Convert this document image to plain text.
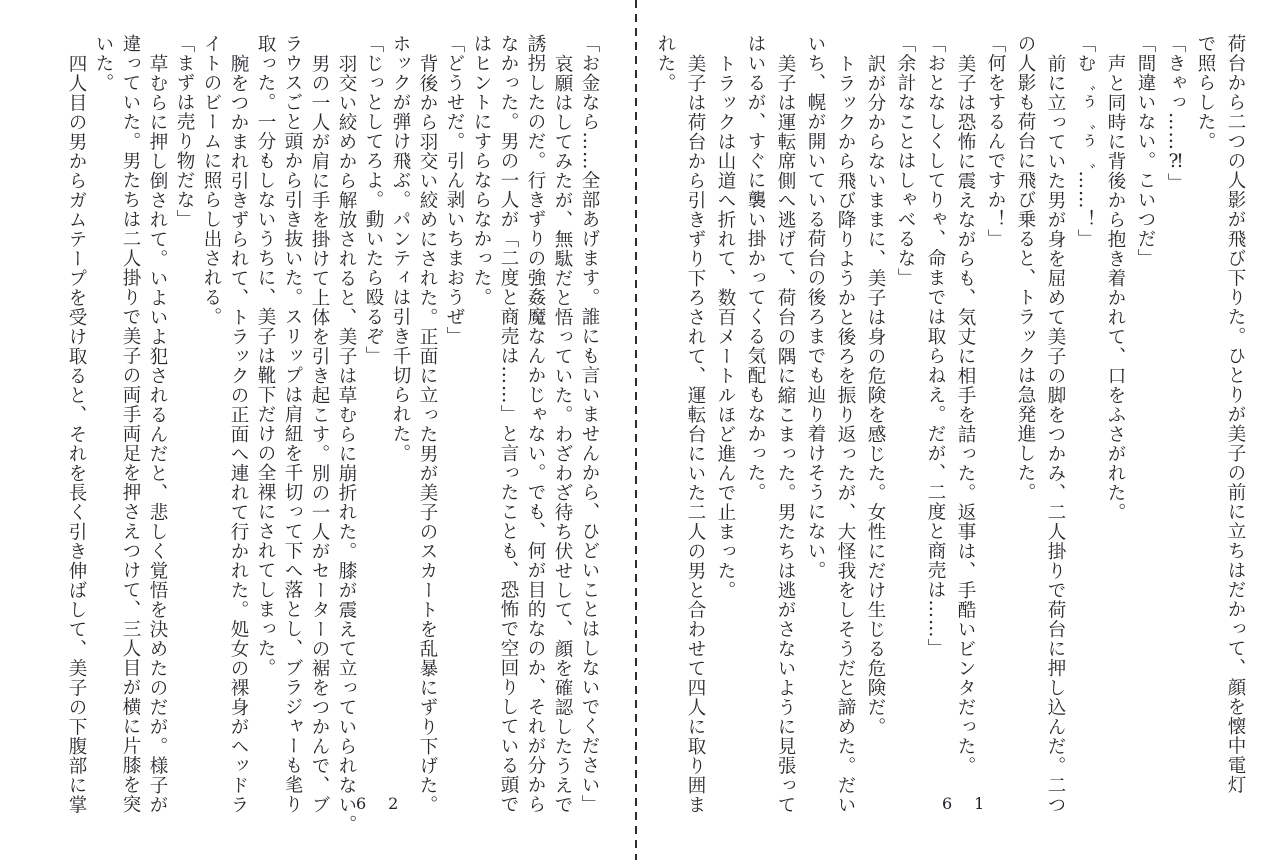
荷台から二つの人影が飛び下りた。ひとりが美子の前に立ちはだかって、顔を懐中電灯

で照らした。

「きゃっ……⁈」

「間違いない。こいつだ」

声と同時に背後から抱き着かれて、口をふさがれた。

「む゛ぅ゛ぅ゛……！」

前に立っていた男が身を屈めて美子の脚をつかみ、二人掛りで荷台に押し込んだ。二つ

の人影も荷台に飛び乗ると、トラックは急発進した。

「何をするんですか！」

美子は恐怖に震えながらも、気丈に相手を詰った。返事は、手酷いビンタだった。

「おとなしくしてりゃ、命までは取らねえ。だが、二度と商売は……」

「余計なことはしゃべるな」

訳が分からないままに、美子は身の危険を感じた。女性にだけ生じる危険だ。

トラックから飛び降りようかと後ろを振り返ったが、大怪我をしそうだと諦めた。だい

いち、幌が開いている荷台の後ろまでも辿り着けそうにない。

美子は運転席側へ逃げて、荷台の隅に縮こまった。男たちは逃がさないように見張って

はいるが、すぐに襲い掛かってくる気配もなかった。

トラックは山道へ折れて、数百メートルほど進んで止まった。

美子は荷台から引きずり下ろされて、運転台にいた二人の男と合わせて四人に取り囲ま

れた。

61

「お金なら……全部あげます。誰にも言いませんから、ひどいことはしないでください」

哀願はしてみたが、無駄だと悟っていた。わざわざ待ち伏せして、顔を確認したうえで

誘拐したのだ。行きずりの強姦魔なんかじゃない。でも、何が目的なのか、それが分から

なかった。男の一人が「二度と商売は……」と言ったことも、恐怖で空回りしている頭で

はヒントにすらならなかった。

「どうせだ。引ん剥いちまおうぜ」

背後から羽交い絞めにされた。正面に立った男が美子のスカートを乱暴にずり下げた。

ホックが弾け飛ぶ。パンティは引き千切られた。

「じっとしてろよ。動いたら殴るぞ」

羽交い絞めから解放されると、美子は草むらに崩折れた。膝が震えて立っていられない。

男の一人が肩に手を掛けて上体を引き起こす。別の一人がセーターの裾をつかんで、ブ

ラウスごと頭から引き抜いた。スリップは肩紐を千切って下へ落とし、ブラジャーも毟り

取った。一分もしないうちに、美子は靴下だけの全裸にされてしまった。

腕をつかまれ引きずられて、トラックの正面へ連れて行かれた。処女の裸身がヘッドラ

イトのビームに照らし出される。

「まずは売り物だな」

草むらに押し倒されて。いよいよ犯されるんだと、悲しく覚悟を決めたのだが。様子が

違っていた。男たちは二人掛りで美子の両手両足を押さえつけて、三人目が横に片膝を突

いた。

四人目の男からガムテープを受け取ると、それを長く引き伸ばして、美子の下腹部に掌	62
